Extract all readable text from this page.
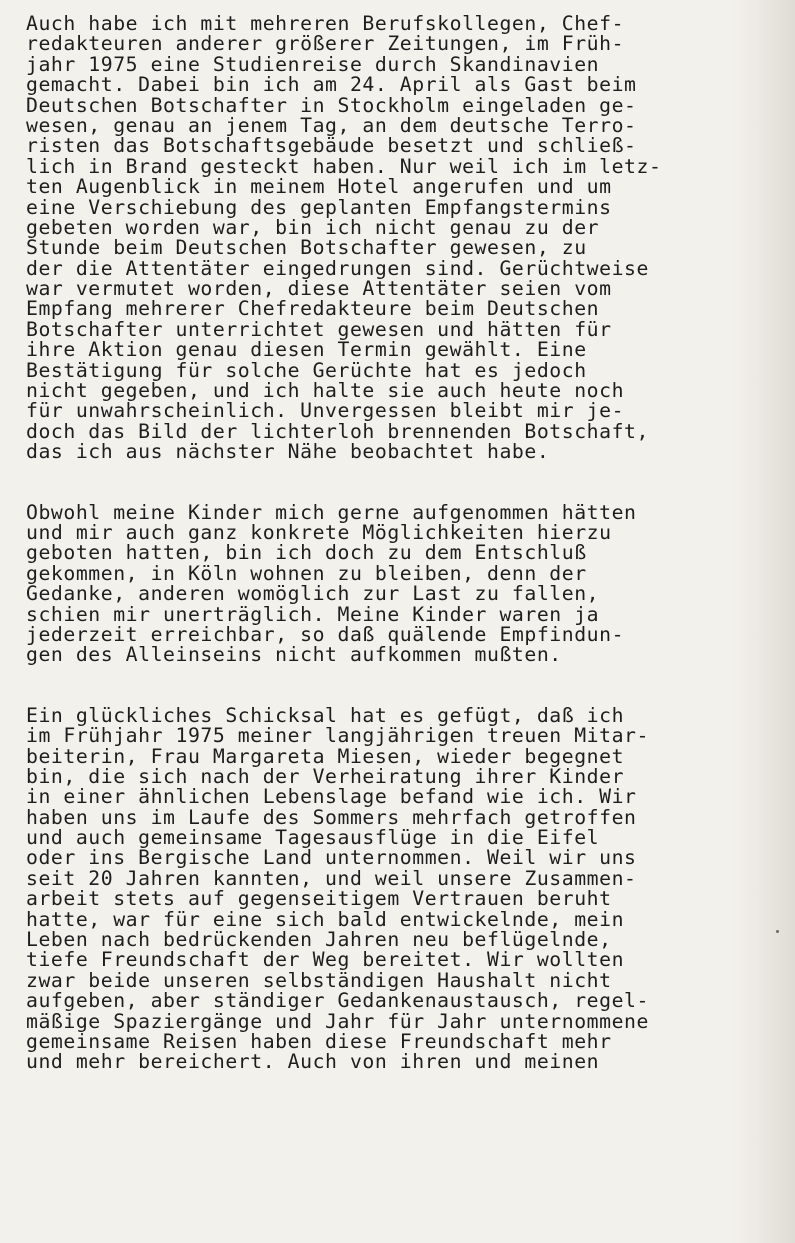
Auch habe ich mit mehreren Berufskollegen, Chef-
redakteuren anderer größerer Zeitungen, im Früh-
jahr 1975 eine Studienreise durch Skandinavien
gemacht. Dabei bin ich am 24. April als Gast beim
Deutschen Botschafter in Stockholm eingeladen ge-
wesen, genau an jenem Tag, an dem deutsche Terro-
risten das Botschaftsgebäude besetzt und schließ-
lich in Brand gesteckt haben. Nur weil ich im letz-
ten Augenblick in meinem Hotel angerufen und um
eine Verschiebung des geplanten Empfangstermins
gebeten worden war, bin ich nicht genau zu der
Stunde beim Deutschen Botschafter gewesen, zu
der die Attentäter eingedrungen sind. Gerüchtweise
war vermutet worden, diese Attentäter seien vom
Empfang mehrerer Chefredakteure beim Deutschen
Botschafter unterrichtet gewesen und hätten für
ihre Aktion genau diesen Termin gewählt. Eine
Bestätigung für solche Gerüchte hat es jedoch
nicht gegeben, und ich halte sie auch heute noch
für unwahrscheinlich. Unvergessen bleibt mir je-
doch das Bild der lichterloh brennenden Botschaft,
das ich aus nächster Nähe beobachtet habe.
Obwohl meine Kinder mich gerne aufgenommen hätten
und mir auch ganz konkrete Möglichkeiten hierzu
geboten hatten, bin ich doch zu dem Entschluß
gekommen, in Köln wohnen zu bleiben, denn der
Gedanke, anderen womöglich zur Last zu fallen,
schien mir unerträglich. Meine Kinder waren ja
jederzeit erreichbar, so daß quälende Empfindun-
gen des Alleinseins nicht aufkommen mußten.
Ein glückliches Schicksal hat es gefügt, daß ich
im Frühjahr 1975 meiner langjährigen treuen Mitar-
beiterin, Frau Margareta Miesen, wieder begegnet
bin, die sich nach der Verheiratung ihrer Kinder
in einer ähnlichen Lebenslage befand wie ich. Wir
haben uns im Laufe des Sommers mehrfach getroffen
und auch gemeinsame Tagesausflüge in die Eifel
oder ins Bergische Land unternommen. Weil wir uns
seit 20 Jahren kannten, und weil unsere Zusammen-
arbeit stets auf gegenseitigem Vertrauen beruht
hatte, war für eine sich bald entwickelnde, mein
Leben nach bedrückenden Jahren neu beflügelnde,
tiefe Freundschaft der Weg bereitet. Wir wollten
zwar beide unseren selbständigen Haushalt nicht
aufgeben, aber ständiger Gedankenaustausch, regel-
mäßige Spaziergänge und Jahr für Jahr unternommene
gemeinsame Reisen haben diese Freundschaft mehr
und mehr bereichert. Auch von ihren und meinen
